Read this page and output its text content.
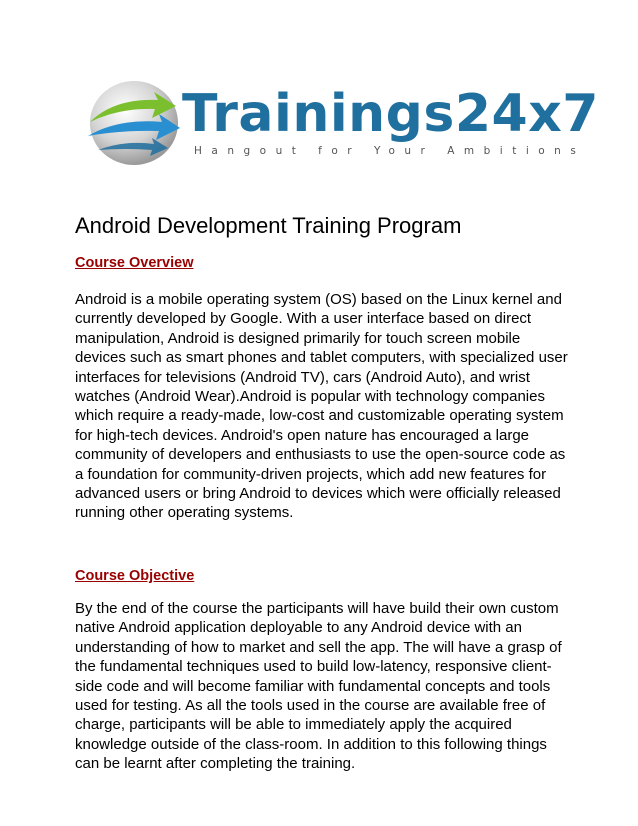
Trainings24x7
Hangout for Your Ambitions
Android Development Training Program
Course Overview

Android is a mobile operating system (OS) based on the Linux kernel and currently developed by Google. With a user interface based on direct manipulation, Android is designed primarily for touch screen mobile devices such as smart phones and tablet computers, with specialized user interfaces for televisions (Android TV), cars (Android Auto), and wrist watches (Android Wear).Android is popular with technology companies which require a ready-made, low-cost and customizable operating system for high-tech devices. Android's open nature has encouraged a large community of developers and enthusiasts to use the open-source code as a foundation for community-driven projects, which add new features for advanced users or bring Android to devices which were officially released running other operating systems.

Course Objective

By the end of the course the participants will have build their own custom native Android application deployable to any Android device with an understanding of how to market and sell the app. The will have a grasp of the fundamental techniques used to build low-latency, responsive client-side code and will become familiar with fundamental concepts and tools used for testing. As all the tools used in the course are available free of charge, participants will be able to immediately apply the acquired knowledge outside of the class-room. In addition to this following things can be learnt after completing the training.
